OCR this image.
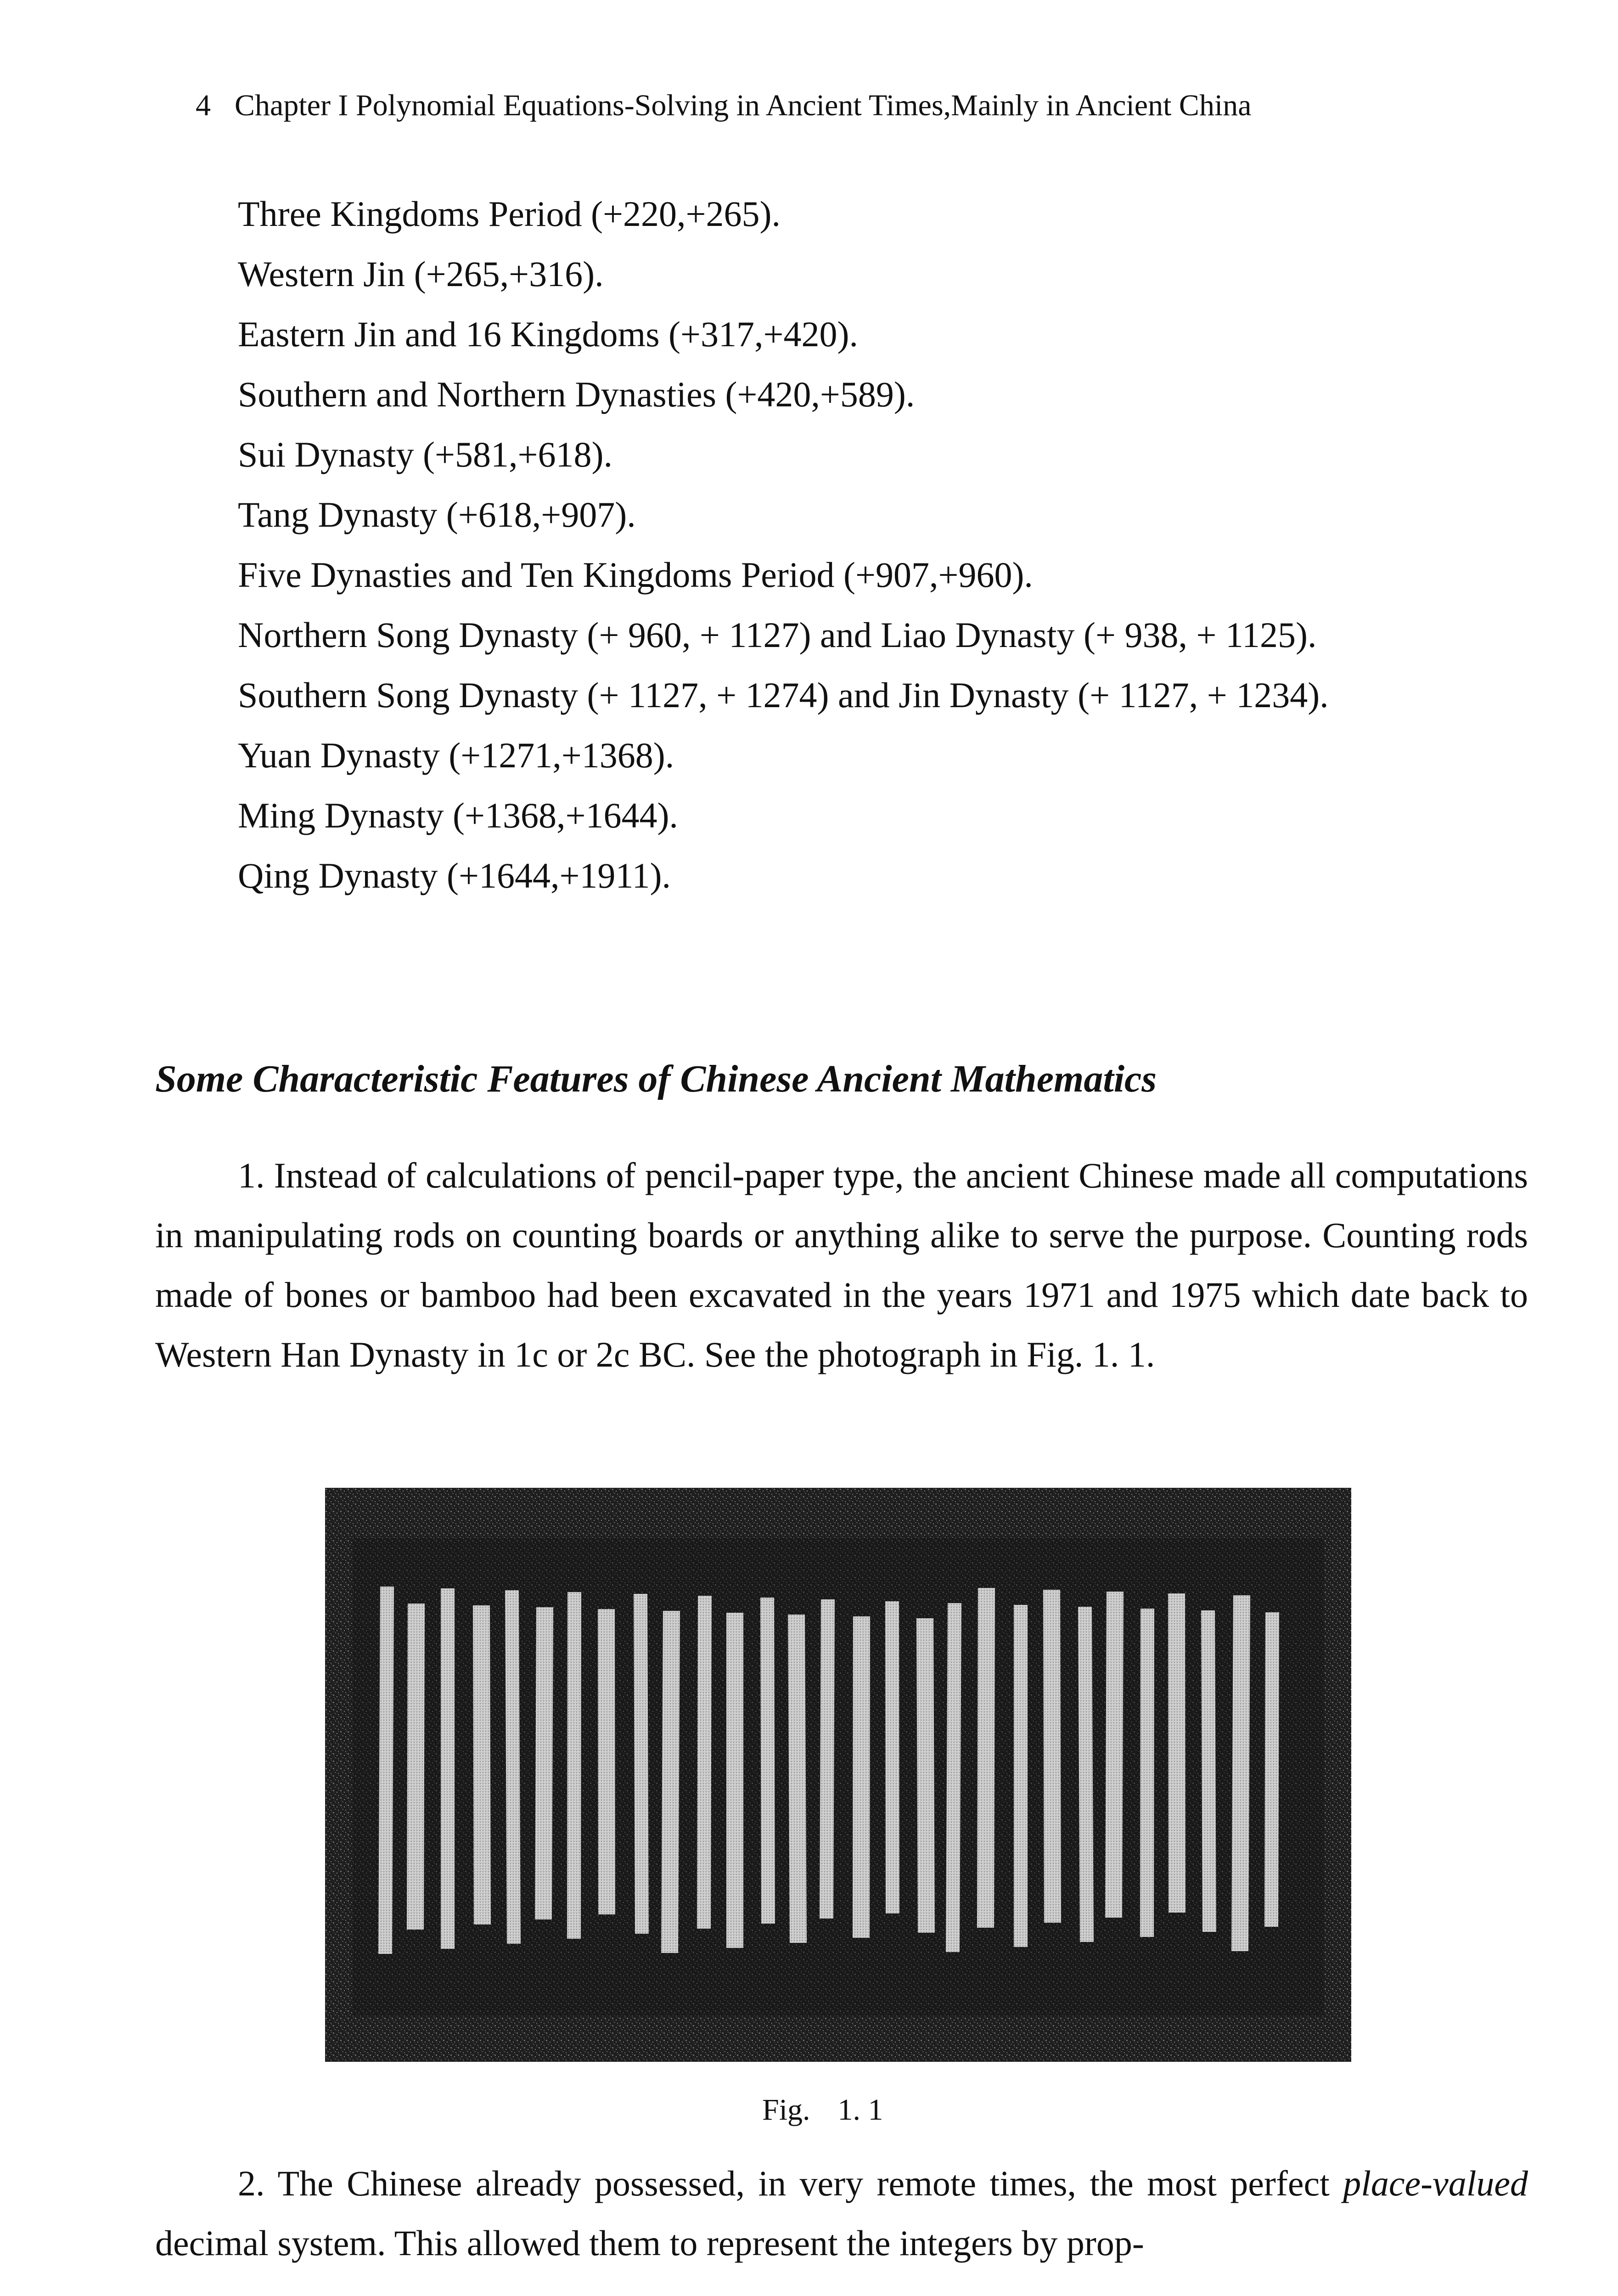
4 Chapter I Polynomial Equations-Solving in Ancient Times,Mainly in Ancient China

Three Kingdoms Period (+220,+265).

Western Jin (+265,+316).

Eastern Jin and 16 Kingdoms (+317,+420).

Southern and Northern Dynasties (+420,+589).

Sui Dynasty (+581,+618).

Tang Dynasty (+618,+907).

Five Dynasties and Ten Kingdoms Period (+907,+960).

Northern Song Dynasty (+ 960, + 1127) and Liao Dynasty (+ 938, + 1125).

Southern Song Dynasty (+ 1127, + 1274) and Jin Dynasty (+ 1127, + 1234).

Yuan Dynasty (+1271,+1368).

Ming Dynasty (+1368,+1644).

Qing Dynasty (+1644,+1911).

Some Characteristic Features of Chinese Ancient Mathematics

1. Instead of calculations of pencil-paper type, the ancient Chinese made all computations in manipulating rods on counting boards or anything alike to serve the purpose. Counting rods made of bones or bamboo had been excavated in the years 1971 and 1975 which date back to Western Han Dynasty in 1c or 2c BC. See the photograph in Fig. 1. 1.

Fig. 1. 1

2. The Chinese already possessed, in very remote times, the most perfect place-valued decimal system. This allowed them to represent the integers by prop-
